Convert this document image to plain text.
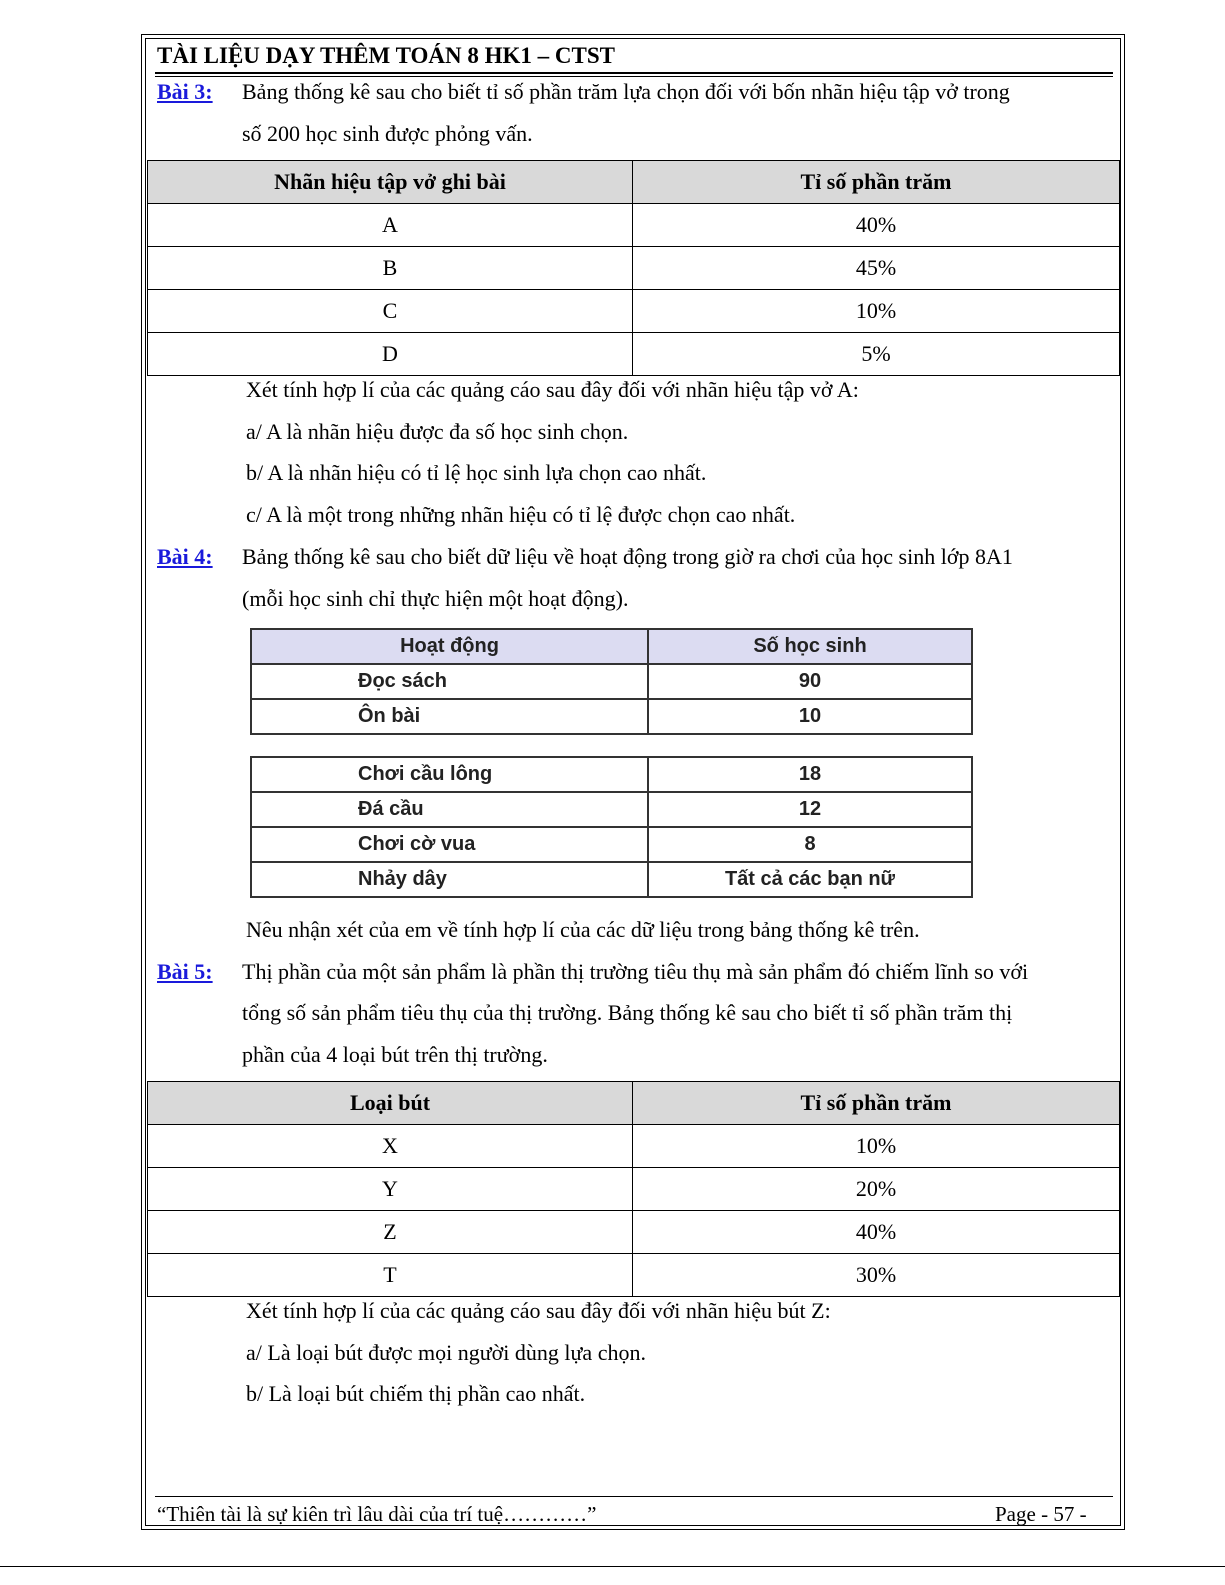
TÀI LIỆU DẠY THÊM TOÁN 8 HK1 – CTST
Bài 3: Bảng thống kê sau cho biết tỉ số phần trăm lựa chọn đối với bốn nhãn hiệu tập vở trong
số 200 học sinh được phỏng vấn.
Nhãn hiệu tập vở ghi bài	Tỉ số phần trăm
A	40%
B	45%
C	10%
D	5%
Xét tính hợp lí của các quảng cáo sau đây đối với nhãn hiệu tập vở A:
a/ A là nhãn hiệu được đa số học sinh chọn.
b/ A là nhãn hiệu có tỉ lệ học sinh lựa chọn cao nhất.
c/ A là một trong những nhãn hiệu có tỉ lệ được chọn cao nhất.
Bài 4: Bảng thống kê sau cho biết dữ liệu về hoạt động trong giờ ra chơi của học sinh lớp 8A1
(mỗi học sinh chỉ thực hiện một hoạt động).
Hoạt động	Số học sinh
Đọc sách	90
Ôn bài	10
Chơi cầu lông	18
Đá cầu	12
Chơi cờ vua	8
Nhảy dây	Tất cả các bạn nữ
Nêu nhận xét của em về tính hợp lí của các dữ liệu trong bảng thống kê trên.
Bài 5: Thị phần của một sản phẩm là phần thị trường tiêu thụ mà sản phẩm đó chiếm lĩnh so với
tổng số sản phẩm tiêu thụ của thị trường. Bảng thống kê sau cho biết tỉ số phần trăm thị
phần của 4 loại bút trên thị trường.
Loại bút	Tỉ số phần trăm
X	10%
Y	20%
Z	40%
T	30%
Xét tính hợp lí của các quảng cáo sau đây đối với nhãn hiệu bút Z:
a/ Là loại bút được mọi người dùng lựa chọn.
b/ Là loại bút chiếm thị phần cao nhất.
“Thiên tài là sự kiên trì lâu dài của trí tuệ…………”	Page - 57 -
